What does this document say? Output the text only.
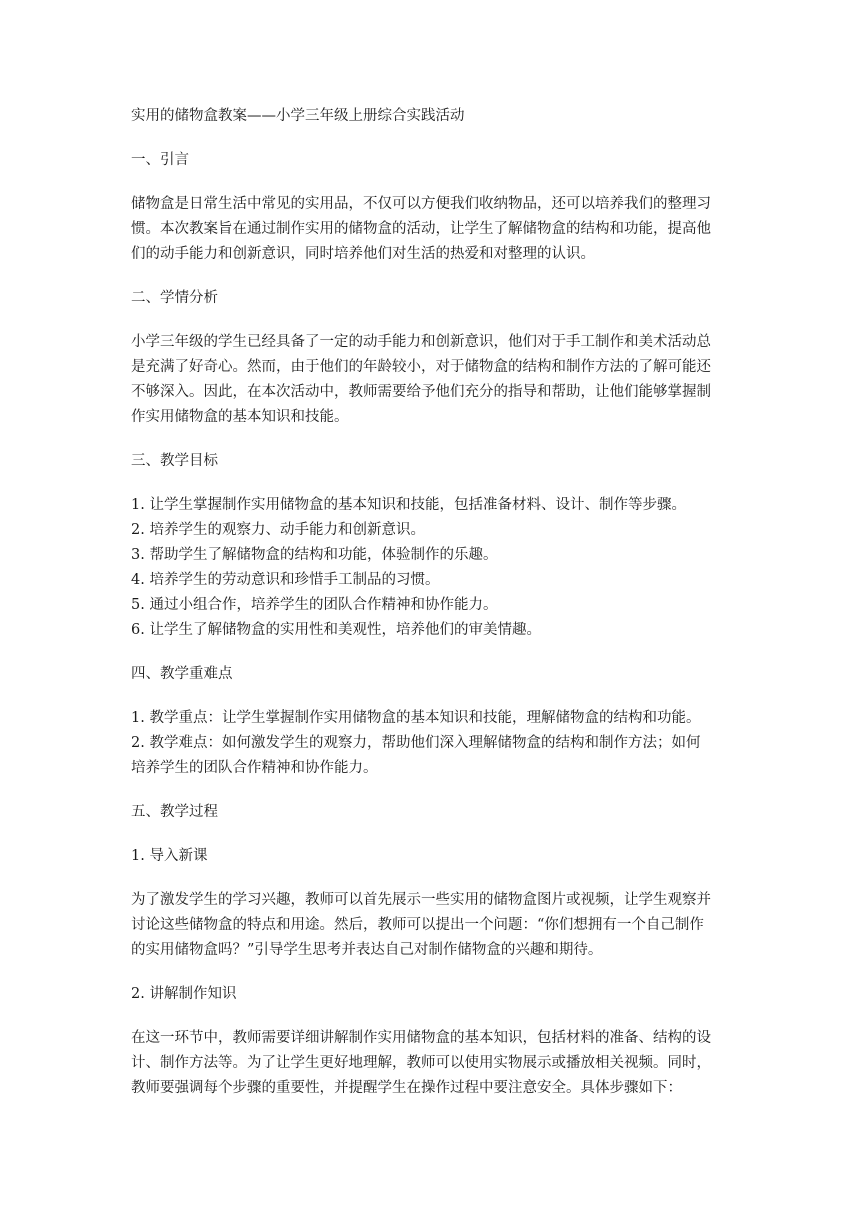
实用的储物盒教案——小学三年级上册综合实践活动

一、引言

储物盒是日常生活中常见的实用品，不仅可以方便我们收纳物品，还可以培养我们的整理习

惯。本次教案旨在通过制作实用的储物盒的活动，让学生了解储物盒的结构和功能，提高他

们的动手能力和创新意识，同时培养他们对生活的热爱和对整理的认识。

二、学情分析

小学三年级的学生已经具备了一定的动手能力和创新意识，他们对于手工制作和美术活动总

是充满了好奇心。然而，由于他们的年龄较小，对于储物盒的结构和制作方法的了解可能还

不够深入。因此，在本次活动中，教师需要给予他们充分的指导和帮助，让他们能够掌握制

作实用储物盒的基本知识和技能。

三、教学目标

1. 让学生掌握制作实用储物盒的基本知识和技能，包括准备材料、设计、制作等步骤。

2. 培养学生的观察力、动手能力和创新意识。

3. 帮助学生了解储物盒的结构和功能，体验制作的乐趣。

4. 培养学生的劳动意识和珍惜手工制品的习惯。

5. 通过小组合作，培养学生的团队合作精神和协作能力。

6. 让学生了解储物盒的实用性和美观性，培养他们的审美情趣。

四、教学重难点

1. 教学重点：让学生掌握制作实用储物盒的基本知识和技能，理解储物盒的结构和功能。

2. 教学难点：如何激发学生的观察力，帮助他们深入理解储物盒的结构和制作方法；如何

培养学生的团队合作精神和协作能力。

五、教学过程

1. 导入新课

为了激发学生的学习兴趣，教师可以首先展示一些实用的储物盒图片或视频，让学生观察并

讨论这些储物盒的特点和用途。然后，教师可以提出一个问题：“你们想拥有一个自己制作

的实用储物盒吗？”引导学生思考并表达自己对制作储物盒的兴趣和期待。

2. 讲解制作知识

在这一环节中，教师需要详细讲解制作实用储物盒的基本知识，包括材料的准备、结构的设

计、制作方法等。为了让学生更好地理解，教师可以使用实物展示或播放相关视频。同时，

教师要强调每个步骤的重要性，并提醒学生在操作过程中要注意安全。具体步骤如下：
